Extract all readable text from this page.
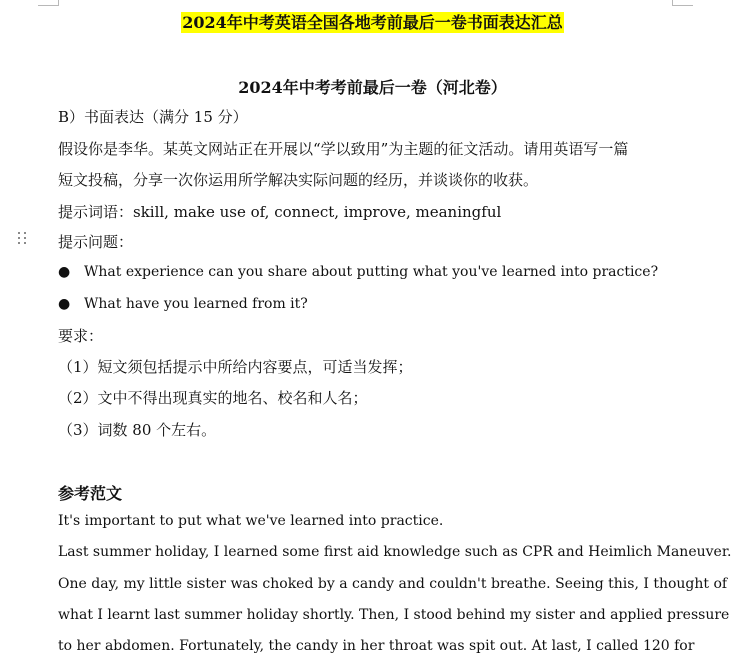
2024年中考英语全国各地考前最后一卷书面表达汇总
2024年中考考前最后一卷（河北卷）
B）书面表达（满分 15 分）
假设你是李华。某英文网站正在开展以“学以致用”为主题的征文活动。请用英语写一篇
短文投稿，分享一次你运用所学解决实际问题的经历，并谈谈你的收获。
提示词语：skill, make use of, connect, improve, meaningful
提示问题：
● What experience can you share about putting what you've learned into practice?
● What have you learned from it?
要求：
（1）短文须包括提示中所给内容要点，可适当发挥；
（2）文中不得出现真实的地名、校名和人名；
（3）词数 80 个左右。
参考范文
It's important to put what we've learned into practice.
Last summer holiday, I learned some first aid knowledge such as CPR and Heimlich Maneuver.
One day, my little sister was choked by a candy and couldn't breathe. Seeing this, I thought of
what I learnt last summer holiday shortly. Then, I stood behind my sister and applied pressure
to her abdomen. Fortunately, the candy in her throat was spit out. At last, I called 120 for
